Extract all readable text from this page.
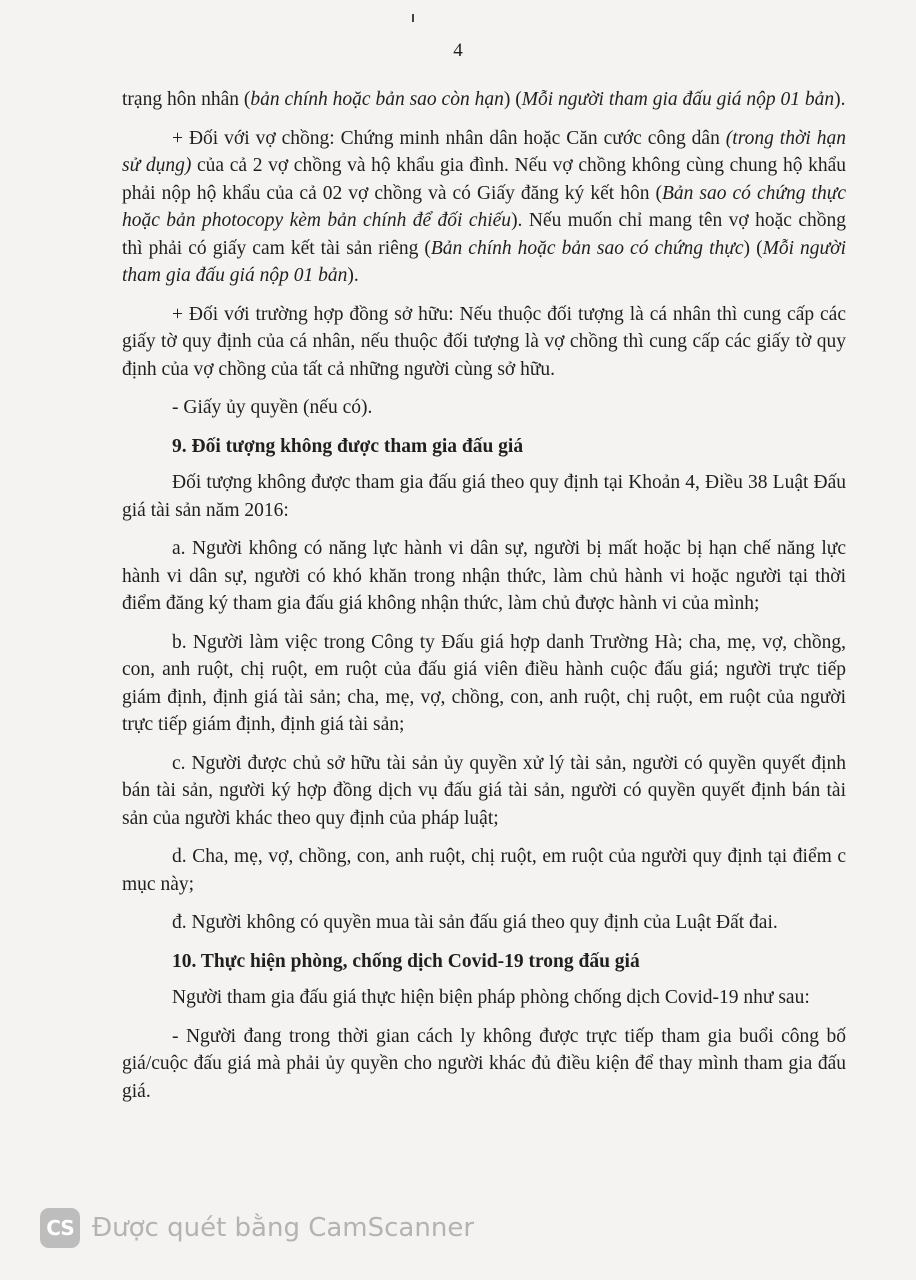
4

trạng hôn nhân (bản chính hoặc bản sao còn hạn) (Mỗi người tham gia đấu giá nộp 01 bản).

+ Đối với vợ chồng: Chứng minh nhân dân hoặc Căn cước công dân (trong thời hạn sử dụng) của cả 2 vợ chồng và hộ khẩu gia đình. Nếu vợ chồng không cùng chung hộ khẩu phải nộp hộ khẩu của cả 02 vợ chồng và có Giấy đăng ký kết hôn (Bản sao có chứng thực hoặc bản photocopy kèm bản chính để đối chiếu). Nếu muốn chỉ mang tên vợ hoặc chồng thì phải có giấy cam kết tài sản riêng (Bản chính hoặc bản sao có chứng thực) (Mỗi người tham gia đấu giá nộp 01 bản).

+ Đối với trường hợp đồng sở hữu: Nếu thuộc đối tượng là cá nhân thì cung cấp các giấy tờ quy định của cá nhân, nếu thuộc đối tượng là vợ chồng thì cung cấp các giấy tờ quy định của vợ chồng của tất cả những người cùng sở hữu.

- Giấy ủy quyền (nếu có).

9. Đối tượng không được tham gia đấu giá

Đối tượng không được tham gia đấu giá theo quy định tại Khoản 4, Điều 38 Luật Đấu giá tài sản năm 2016:

a. Người không có năng lực hành vi dân sự, người bị mất hoặc bị hạn chế năng lực hành vi dân sự, người có khó khăn trong nhận thức, làm chủ hành vi hoặc người tại thời điểm đăng ký tham gia đấu giá không nhận thức, làm chủ được hành vi của mình;

b. Người làm việc trong Công ty Đấu giá hợp danh Trường Hà; cha, mẹ, vợ, chồng, con, anh ruột, chị ruột, em ruột của đấu giá viên điều hành cuộc đấu giá; người trực tiếp giám định, định giá tài sản; cha, mẹ, vợ, chồng, con, anh ruột, chị ruột, em ruột của người trực tiếp giám định, định giá tài sản;

c. Người được chủ sở hữu tài sản ủy quyền xử lý tài sản, người có quyền quyết định bán tài sản, người ký hợp đồng dịch vụ đấu giá tài sản, người có quyền quyết định bán tài sản của người khác theo quy định của pháp luật;

d. Cha, mẹ, vợ, chồng, con, anh ruột, chị ruột, em ruột của người quy định tại điểm c mục này;

đ. Người không có quyền mua tài sản đấu giá theo quy định của Luật Đất đai.

10. Thực hiện phòng, chống dịch Covid-19 trong đấu giá

Người tham gia đấu giá thực hiện biện pháp phòng chống dịch Covid-19 như sau:

- Người đang trong thời gian cách ly không được trực tiếp tham gia buổi công bố giá/cuộc đấu giá mà phải ủy quyền cho người khác đủ điều kiện để thay mình tham gia đấu giá.

CS Được quét bằng CamScanner
